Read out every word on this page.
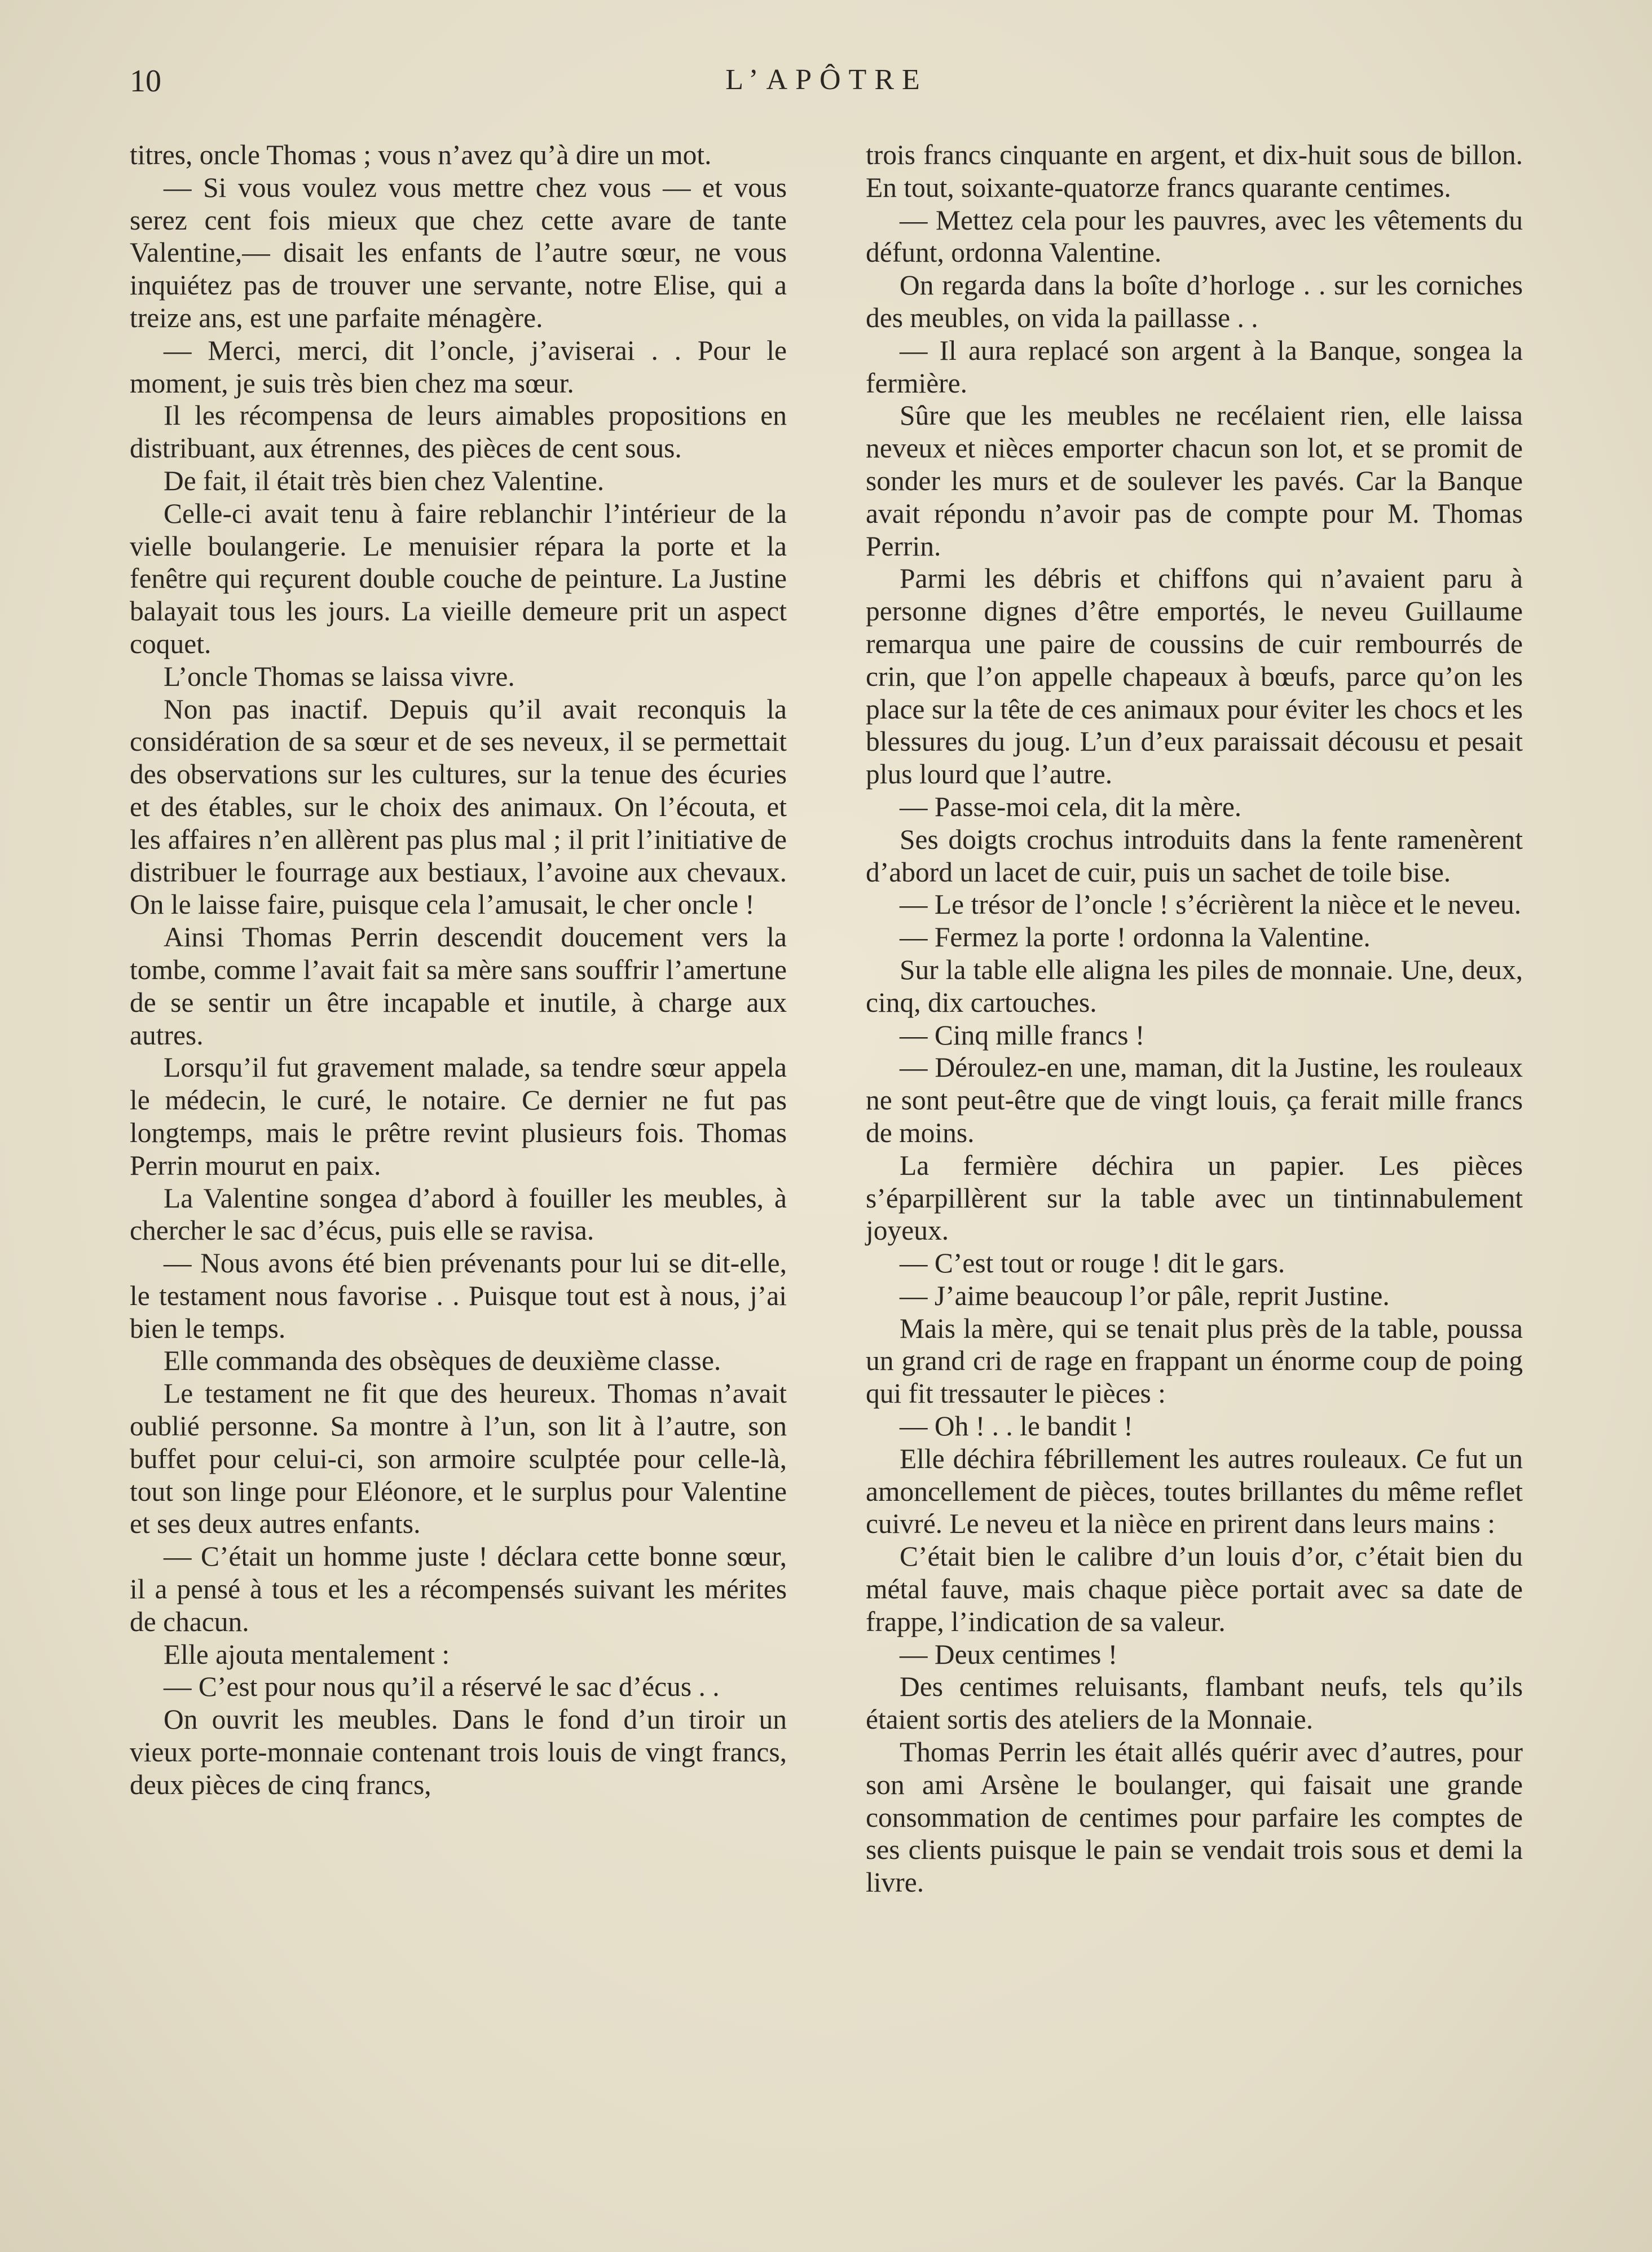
10	L’APÔTRE

titres, oncle Thomas ; vous n’avez qu’à dire un mot.

— Si vous voulez vous mettre chez vous — et vous serez cent fois mieux que chez cette avare de tante Valentine,— disait les enfants de l’autre sœur, ne vous inquiétez pas de trouver une servante, notre Elise, qui a treize ans, est une parfaite ménagère.

— Merci, merci, dit l’oncle, j’aviserai . . Pour le moment, je suis très bien chez ma sœur.

Il les récompensa de leurs aimables propositions en distribuant, aux étrennes, des pièces de cent sous.

De fait, il était très bien chez Valentine.

Celle-ci avait tenu à faire reblanchir l’intérieur de la vielle boulangerie. Le menuisier répara la porte et la fenêtre qui reçurent double couche de peinture. La Justine balayait tous les jours. La vieille demeure prit un aspect coquet.

L’oncle Thomas se laissa vivre.

Non pas inactif. Depuis qu’il avait reconquis la considération de sa sœur et de ses neveux, il se permettait des observations sur les cultures, sur la tenue des écuries et des étables, sur le choix des animaux. On l’écouta, et les affaires n’en allèrent pas plus mal ; il prit l’initiative de distribuer le fourrage aux bestiaux, l’avoine aux chevaux. On le laisse faire, puisque cela l’amusait, le cher oncle !

Ainsi Thomas Perrin descendit doucement vers la tombe, comme l’avait fait sa mère sans souffrir l’amertune de se sentir un être incapable et inutile, à charge aux autres.

Lorsqu’il fut gravement malade, sa tendre sœur appela le médecin, le curé, le notaire. Ce dernier ne fut pas longtemps, mais le prêtre revint plusieurs fois. Thomas Perrin mourut en paix.

La Valentine songea d’abord à fouiller les meubles, à chercher le sac d’écus, puis elle se ravisa.

— Nous avons été bien prévenants pour lui se dit-elle, le testament nous favorise . . Puisque tout est à nous, j’ai bien le temps.

Elle commanda des obsèques de deuxième classe.

Le testament ne fit que des heureux. Thomas n’avait oublié personne. Sa montre à l’un, son lit à l’autre, son buffet pour celui-ci, son armoire sculptée pour celle-là, tout son linge pour Eléonore, et le surplus pour Valentine et ses deux autres enfants.

— C’était un homme juste ! déclara cette bonne sœur, il a pensé à tous et les a récompensés suivant les mérites de chacun.

Elle ajouta mentalement :

— C’est pour nous qu’il a réservé le sac d’écus . .

On ouvrit les meubles. Dans le fond d’un tiroir un vieux porte-monnaie contenant trois louis de vingt francs, deux pièces de cinq francs,

trois francs cinquante en argent, et dix-huit sous de billon. En tout, soixante-quatorze francs quarante centimes.

— Mettez cela pour les pauvres, avec les vêtements du défunt, ordonna Valentine.

On regarda dans la boîte d’horloge . . sur les corniches des meubles, on vida la paillasse . .

— Il aura replacé son argent à la Banque, songea la fermière.

Sûre que les meubles ne recélaient rien, elle laissa neveux et nièces emporter chacun son lot, et se promit de sonder les murs et de soulever les pavés. Car la Banque avait répondu n’avoir pas de compte pour M. Thomas Perrin.

Parmi les débris et chiffons qui n’avaient paru à personne dignes d’être emportés, le neveu Guillaume remarqua une paire de coussins de cuir rembourrés de crin, que l’on appelle chapeaux à bœufs, parce qu’on les place sur la tête de ces animaux pour éviter les chocs et les blessures du joug. L’un d’eux paraissait décousu et pesait plus lourd que l’autre.

— Passe-moi cela, dit la mère.

Ses doigts crochus introduits dans la fente ramenèrent d’abord un lacet de cuir, puis un sachet de toile bise.

— Le trésor de l’oncle ! s’écrièrent la nièce et le neveu.

— Fermez la porte ! ordonna la Valentine.

Sur la table elle aligna les piles de monnaie. Une, deux, cinq, dix cartouches.

— Cinq mille francs !

— Déroulez-en une, maman, dit la Justine, les rouleaux ne sont peut-être que de vingt louis, ça ferait mille francs de moins.

La fermière déchira un papier. Les pièces s’éparpillèrent sur la table avec un tintinnabulement joyeux.

— C’est tout or rouge ! dit le gars.

— J’aime beaucoup l’or pâle, reprit Justine.

Mais la mère, qui se tenait plus près de la table, poussa un grand cri de rage en frappant un énorme coup de poing qui fit tressauter le pièces :

— Oh ! . . le bandit !

Elle déchira fébrillement les autres rouleaux. Ce fut un amoncellement de pièces, toutes brillantes du même reflet cuivré. Le neveu et la nièce en prirent dans leurs mains :

C’était bien le calibre d’un louis d’or, c’était bien du métal fauve, mais chaque pièce portait avec sa date de frappe, l’indication de sa valeur.

— Deux centimes !

Des centimes reluisants, flambant neufs, tels qu’ils étaient sortis des ateliers de la Monnaie.

Thomas Perrin les était allés quérir avec d’autres, pour son ami Arsène le boulanger, qui faisait une grande consommation de centimes pour parfaire les comptes de ses clients puisque le pain se vendait trois sous et demi la livre.
